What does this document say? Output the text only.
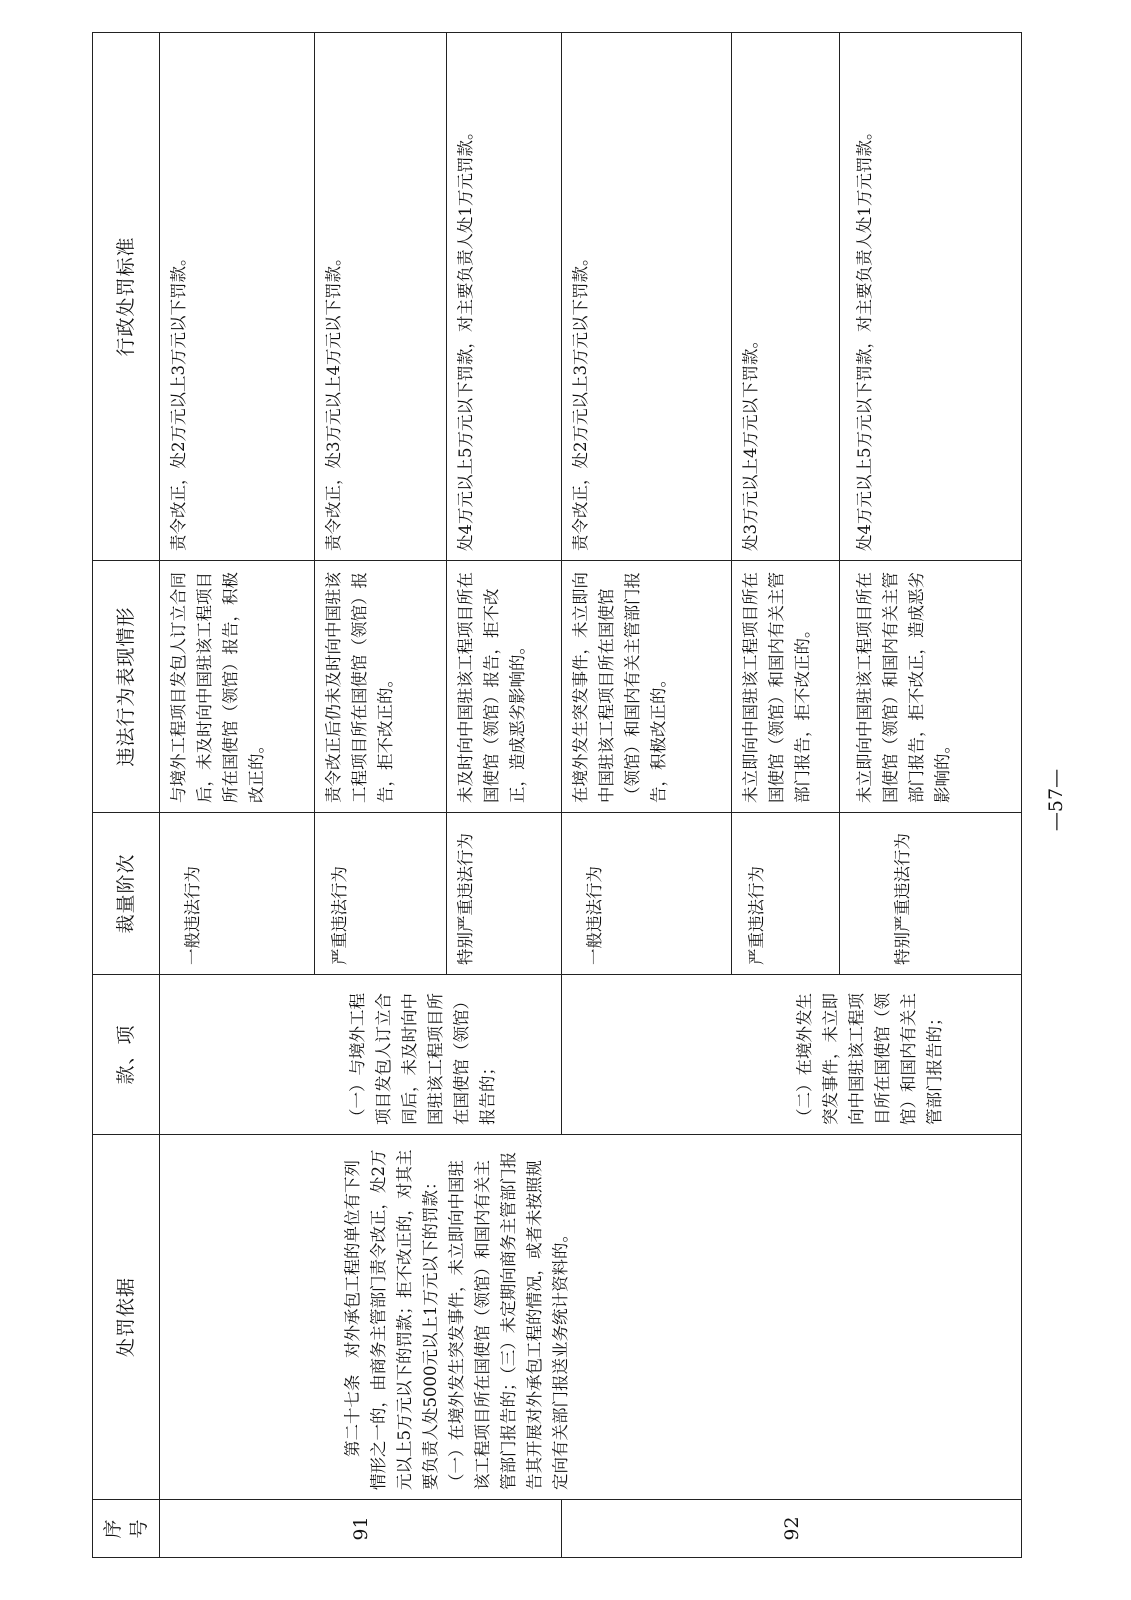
序号	处罚依据	款、项	裁量阶次	违法行为表现情形	行政处罚标准
91	第二十七条　对外承包工程的单位有下列情形之一的，由商务主管部门责令改正，处2万元以上5万元以下的罚款；拒不改正的，对其主要负责人处5000元以上1万元以下的罚款：（一）在境外发生突发事件，未立即向中国驻该工程项目所在国使馆（领馆）和国内有关主管部门报告的；（三）未定期向商务主管部门报告其开展对外承包工程的情况，或者未按照规定向有关部门报送业务统计资料的。	（一）与境外工程项目发包人订立合同后，未及时向中国驻该工程项目所在国使馆（领馆）报告的；	一般违法行为	与境外工程项目发包人订立合同后，未及时向中国驻该工程项目所在国使馆（领馆）报告，积极改正的。	责令改正，处2万元以上3万元以下罚款。
			严重违法行为	责令改正后仍未及时向中国驻该工程项目所在国使馆（领馆）报告，拒不改正的。	责令改正，处3万元以上4万元以下罚款。
			特别严重违法行为	未及时向中国驻该工程项目所在国使馆（领馆）报告，拒不改正，造成恶劣影响的。	处4万元以上5万元以下罚款，对主要负责人处1万元罚款。
92		（二）在境外发生突发事件，未立即向中国驻该工程项目所在国使馆（领馆）和国内有关主管部门报告的；	一般违法行为	在境外发生突发事件，未立即向中国驻该工程项目所在国使馆（领馆）和国内有关主管部门报告，积极改正的。	责令改正，处2万元以上3万元以下罚款。
			严重违法行为	未立即向中国驻该工程项目所在国使馆（领馆）和国内有关主管部门报告，拒不改正的。	处3万元以上4万元以下罚款。
			特别严重违法行为	未立即向中国驻该工程项目所在国使馆（领馆）和国内有关主管部门报告，拒不改正，造成恶劣影响的。	处4万元以上5万元以下罚款，对主要负责人处1万元罚款。
—57—
